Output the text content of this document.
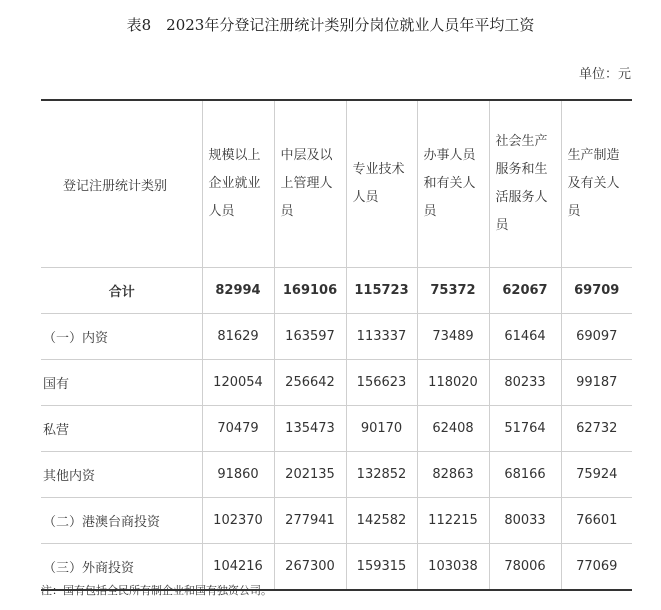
表8　2023年分登记注册统计类别分岗位就业人员年平均工资
单位：元
登记注册统计类别	规模以上企业就业人员	中层及以上管理人员	专业技术人员	办事人员和有关人员	社会生产服务和生活服务人员	生产制造及有关人员
合计	82994	169106	115723	75372	62067	69709
（一）内资	81629	163597	113337	73489	61464	69097
国有	120054	256642	156623	118020	80233	99187
私营	70479	135473	90170	62408	51764	62732
其他内资	91860	202135	132852	82863	68166	75924
（二）港澳台商投资	102370	277941	142582	112215	80033	76601
（三）外商投资	104216	267300	159315	103038	78006	77069
注：国有包括全民所有制企业和国有独资公司。
